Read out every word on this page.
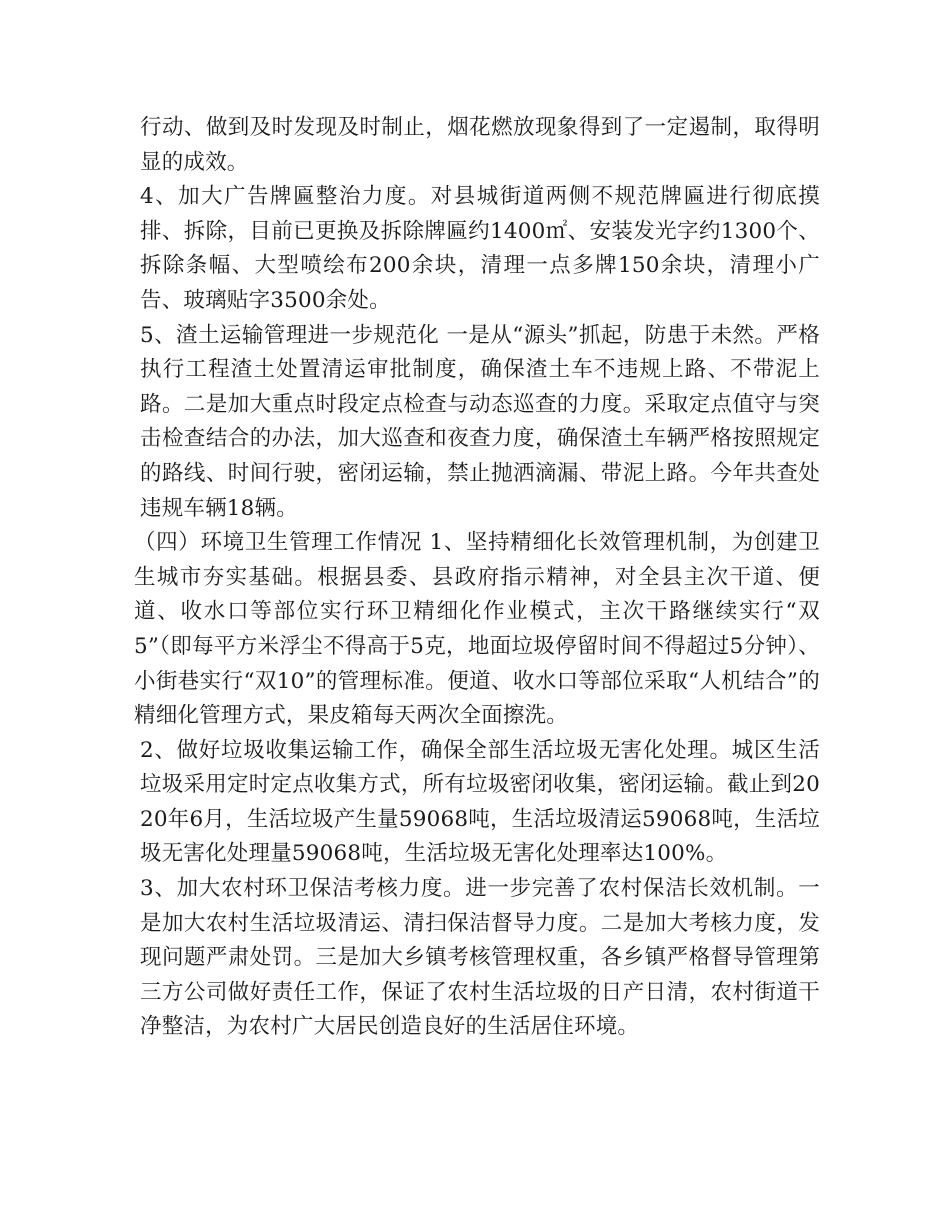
行动、做到及时发现及时制止，烟花燃放现象得到了一定遏制，取得明显的成效。

4、加大广告牌匾整治力度。对县城街道两侧不规范牌匾进行彻底摸排、拆除，目前已更换及拆除牌匾约1400㎡、安装发光字约1300个、拆除条幅、大型喷绘布200余块，清理一点多牌150余块，清理小广告、玻璃贴字3500余处。

5、渣土运输管理进一步规范化 一是从“源头”抓起，防患于未然。严格执行工程渣土处置清运审批制度，确保渣土车不违规上路、不带泥上路。二是加大重点时段定点检查与动态巡查的力度。采取定点值守与突击检查结合的办法，加大巡查和夜查力度，确保渣土车辆严格按照规定的路线、时间行驶，密闭运输，禁止抛洒滴漏、带泥上路。今年共查处违规车辆18辆。

（四）环境卫生管理工作情况 1、坚持精细化长效管理机制，为创建卫生城市夯实基础。根据县委、县政府指示精神，对全县主次干道、便道、收水口等部位实行环卫精细化作业模式，主次干路继续实行“双5”（即每平方米浮尘不得高于5克，地面垃圾停留时间不得超过5分钟）、小街巷实行“双10”的管理标准。便道、收水口等部位采取“人机结合”的精细化管理方式，果皮箱每天两次全面擦洗。

2、做好垃圾收集运输工作，确保全部生活垃圾无害化处理。城区生活垃圾采用定时定点收集方式，所有垃圾密闭收集，密闭运输。截止到2020年6月，生活垃圾产生量59068吨，生活垃圾清运59068吨，生活垃圾无害化处理量59068吨，生活垃圾无害化处理率达100%。

3、加大农村环卫保洁考核力度。进一步完善了农村保洁长效机制。一是加大农村生活垃圾清运、清扫保洁督导力度。二是加大考核力度，发现问题严肃处罚。三是加大乡镇考核管理权重，各乡镇严格督导管理第三方公司做好责任工作，保证了农村生活垃圾的日产日清，农村街道干净整洁，为农村广大居民创造良好的生活居住环境。
